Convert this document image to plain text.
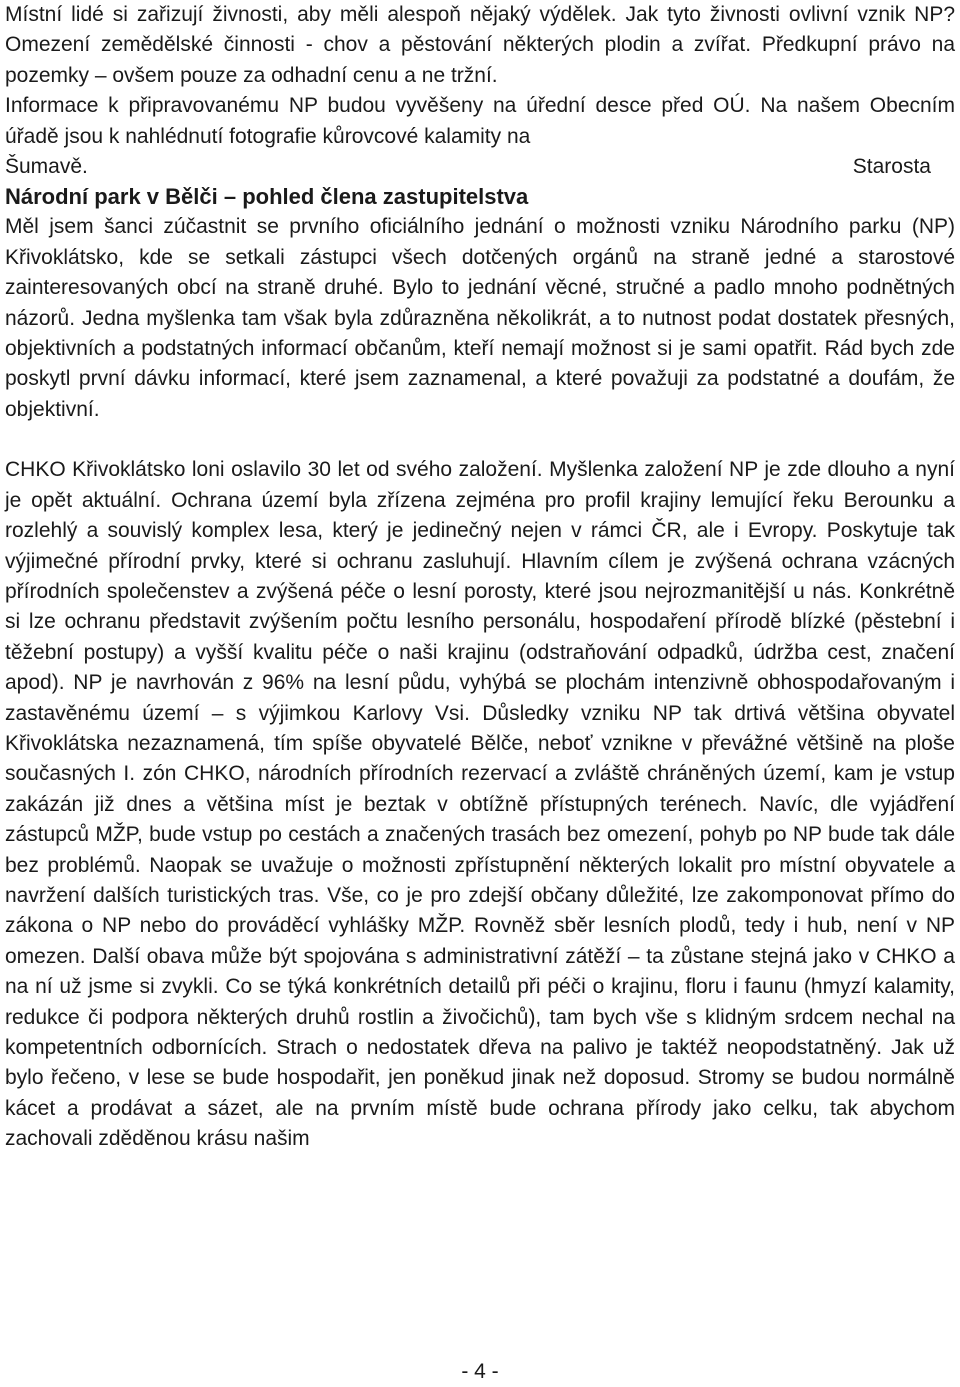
Místní lidé si zařizují živnosti, aby měli alespoň nějaký výdělek. Jak tyto živnosti ovlivní vznik NP? Omezení zemědělské činnosti - chov a pěstování některých plodin a zvířat. Předkupní právo na pozemky – ovšem pouze za odhadní cenu a ne tržní.

Informace k připravovanému NP budou vyvěšeny na úřední desce před OÚ. Na našem Obecním úřadě jsou k nahlédnutí fotografie kůrovcové kalamity na

Šumavě.	Starosta
Národní park v Bělči – pohled člena zastupitelstva

Měl jsem šanci zúčastnit se prvního oficiálního jednání o možnosti vzniku Národního parku (NP) Křivoklátsko, kde se setkali zástupci všech dotčených orgánů na straně jedné a starostové zainteresovaných obcí na straně druhé. Bylo to jednání věcné, stručné a padlo mnoho podnětných názorů. Jedna myšlenka tam však byla zdůrazněna několikrát, a to nutnost podat dostatek přesných, objektivních a podstatných informací občanům, kteří nemají možnost si je sami opatřit. Rád bych zde poskytl první dávku informací, které jsem zaznamenal, a které považuji za podstatné a doufám, že objektivní.

CHKO Křivoklátsko loni oslavilo 30 let od svého založení. Myšlenka založení NP je zde dlouho a nyní je opět aktuální. Ochrana území byla zřízena zejména pro profil krajiny lemující řeku Berounku a rozlehlý a souvislý komplex lesa, který je jedinečný nejen v rámci ČR, ale i Evropy. Poskytuje tak výjimečné přírodní prvky, které si ochranu zasluhují. Hlavním cílem je zvýšená ochrana vzácných přírodních společenstev a zvýšená péče o lesní porosty, které jsou nejrozmanitější u nás. Konkrétně si lze ochranu představit zvýšením počtu lesního personálu, hospodaření přírodě blízké (pěstební i těžební postupy) a vyšší kvalitu péče o naši krajinu (odstraňování odpadků, údržba cest, značení apod). NP je navrhován z 96% na lesní půdu, vyhýbá se plochám intenzivně obhospodařovaným i zastavěnému území – s výjimkou Karlovy Vsi. Důsledky vzniku NP tak drtivá většina obyvatel Křivoklátska nezaznamená, tím spíše obyvatelé Bělče, neboť vznikne v převážné většině na ploše současných I. zón CHKO, národních přírodních rezervací a zvláště chráněných území, kam je vstup zakázán již dnes a většina míst je beztak v obtížně přístupných terénech. Navíc, dle vyjádření zástupců MŽP, bude vstup po cestách a značených trasách bez omezení, pohyb po NP bude tak dále bez problémů. Naopak se uvažuje o možnosti zpřístupnění některých lokalit pro místní obyvatele a navržení dalších turistických tras. Vše, co je pro zdejší občany důležité, lze zakomponovat přímo do zákona o NP nebo do prováděcí vyhlášky MŽP. Rovněž sběr lesních plodů, tedy i hub, není v NP omezen. Další obava může být spojována s administrativní zátěží – ta zůstane stejná jako v CHKO a na ní už jsme si zvykli. Co se týká konkrétních detailů při péči o krajinu, floru i faunu (hmyzí kalamity, redukce či podpora některých druhů rostlin a živočichů), tam bych vše s klidným srdcem nechal na kompetentních odbornících. Strach o nedostatek dřeva na palivo je taktéž neopodstatněný. Jak už bylo řečeno, v lese se bude hospodařit, jen poněkud jinak než doposud. Stromy se budou normálně kácet a prodávat a sázet, ale na prvním místě bude ochrana přírody jako celku, tak abychom zachovali zděděnou krásu našim

- 4 -
